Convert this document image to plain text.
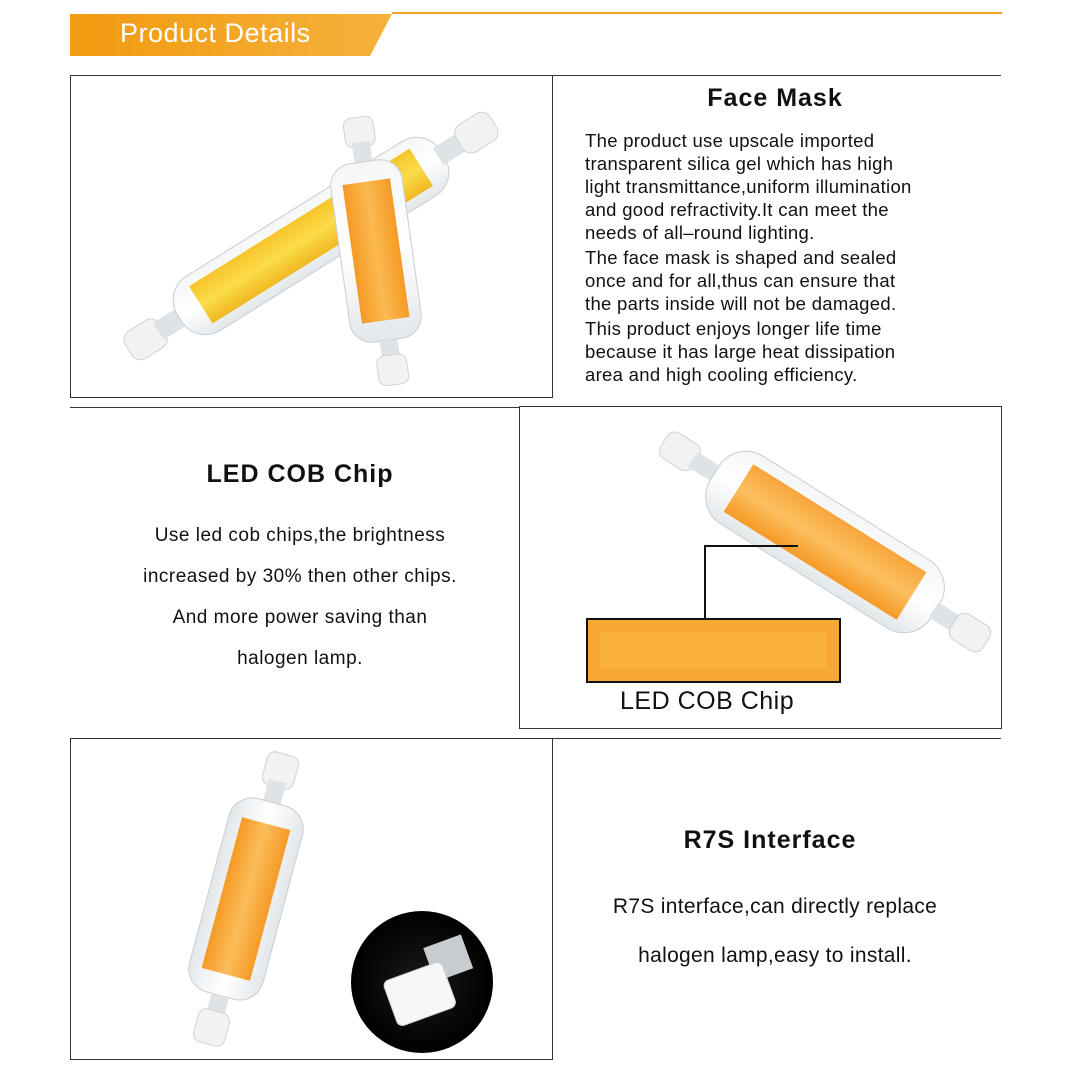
Product Details
Face Mask

The product use upscale imported

transparent silica gel which has high

light transmittance,uniform illumination

and good refractivity.It can meet the

needs of all–round lighting.

The face mask is shaped and sealed

once and for all,thus can ensure that

the parts inside will not be damaged.

This product enjoys longer life time

because it has large heat dissipation

area and high cooling efficiency.

LED COB Chip

Use led cob chips,the brightness

increased by 30% then other chips.

And more power saving than

halogen lamp.

LED COB Chip
R7S Interface

R7S interface,can directly replace

halogen lamp,easy to install.
